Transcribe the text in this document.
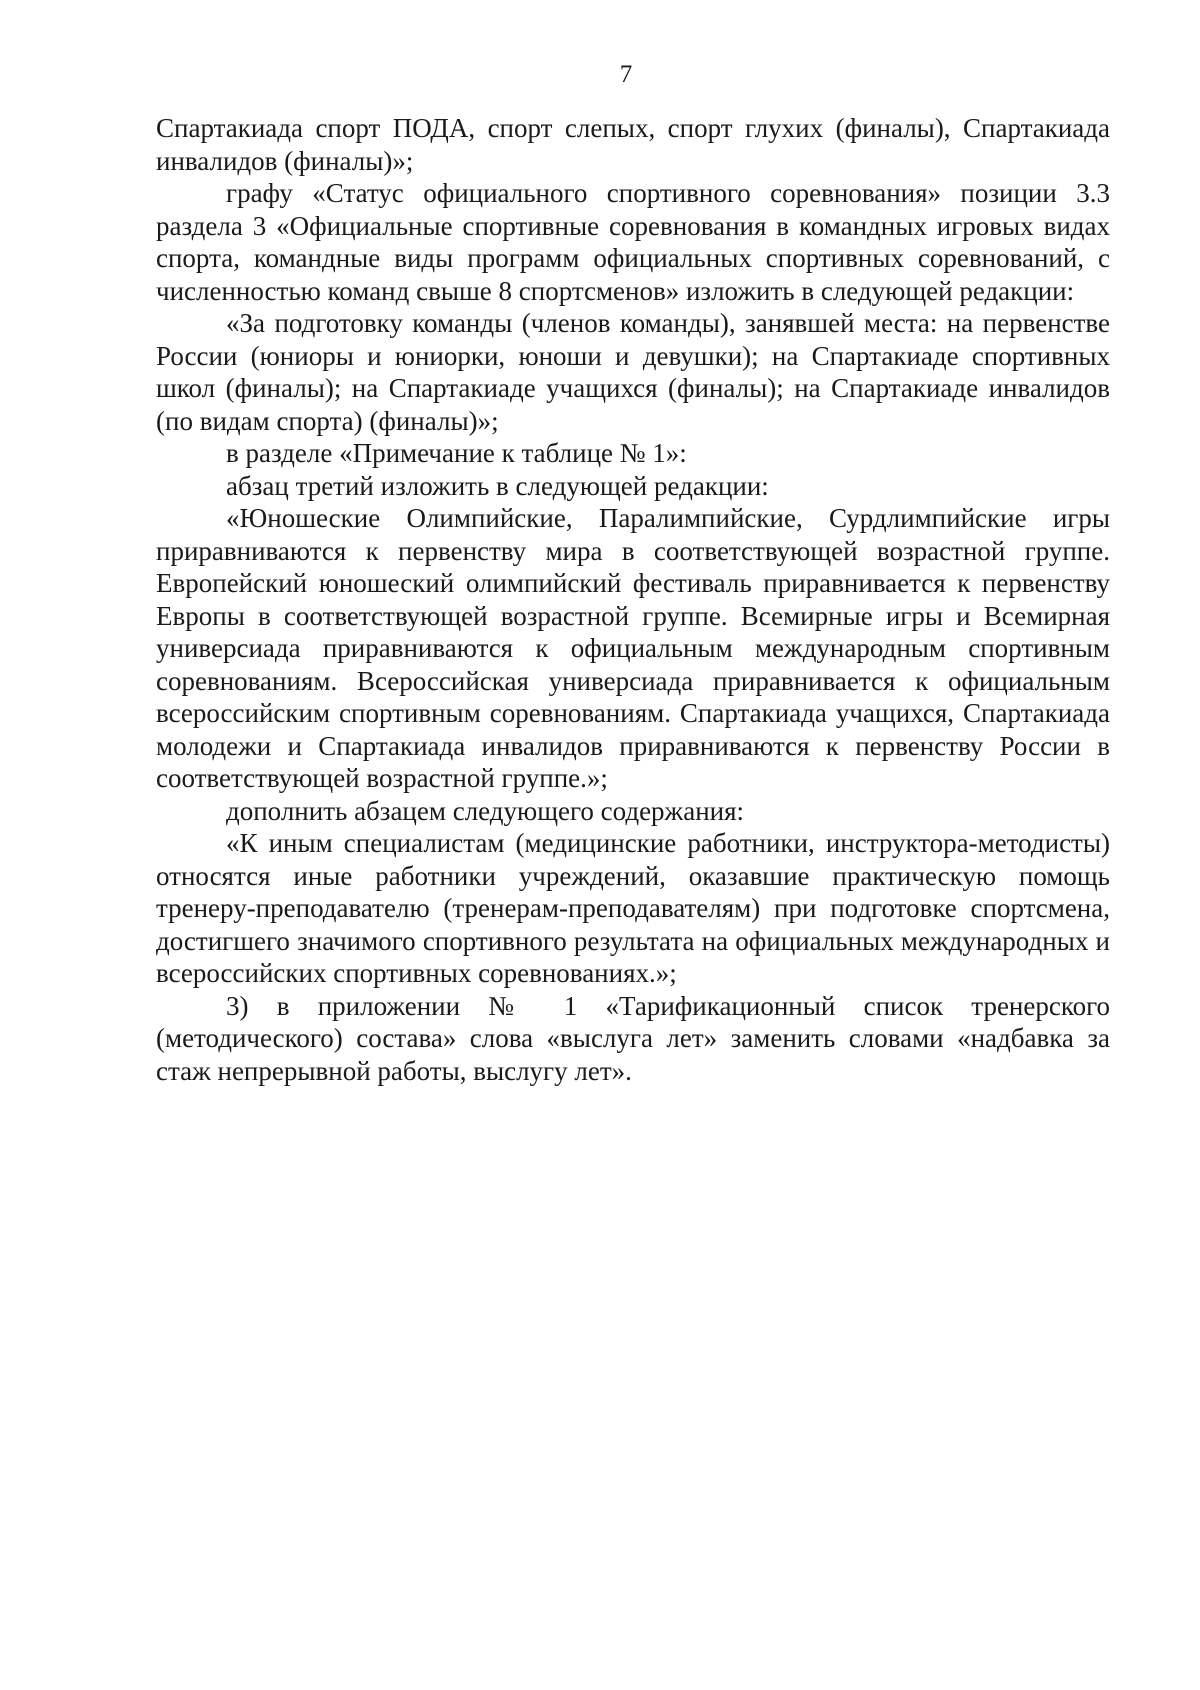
7

Спартакиада спорт ПОДА, спорт слепых, спорт глухих (финалы), Спартакиада инвалидов (финалы)»;

графу «Статус официального спортивного соревнования» позиции 3.3 раздела 3 «Официальные спортивные соревнования в командных игровых видах спорта, командные виды программ официальных спортивных соревнований, с численностью команд свыше 8 спортсменов» изложить в следующей редакции:

«За подготовку команды (членов команды), занявшей места: на первенстве России (юниоры и юниорки, юноши и девушки); на Спартакиаде спортивных школ (финалы); на Спартакиаде учащихся (финалы); на Спартакиаде инвалидов (по видам спорта) (финалы)»;

в разделе «Примечание к таблице № 1»:

абзац третий изложить в следующей редакции:

«Юношеские Олимпийские, Паралимпийские, Сурдлимпийские игры приравниваются к первенству мира в соответствующей возрастной группе. Европейский юношеский олимпийский фестиваль приравнивается к первенству Европы в соответствующей возрастной группе. Всемирные игры и Всемирная универсиада приравниваются к официальным международным спортивным соревнованиям. Всероссийская универсиада приравнивается к официальным всероссийским спортивным соревнованиям. Спартакиада учащихся, Спартакиада молодежи и Спартакиада инвалидов приравниваются к первенству России в соответствующей возрастной группе.»;

дополнить абзацем следующего содержания:

«К иным специалистам (медицинские работники, инструктора-методисты) относятся иные работники учреждений, оказавшие практическую помощь тренеру-преподавателю (тренерам-преподавателям) при подготовке спортсмена, достигшего значимого спортивного результата на официальных международных и всероссийских спортивных соревнованиях.»;

3) в приложении № 1 «Тарификационный список тренерского (методического) состава» слова «выслуга лет» заменить словами «надбавка за стаж непрерывной работы, выслугу лет».
